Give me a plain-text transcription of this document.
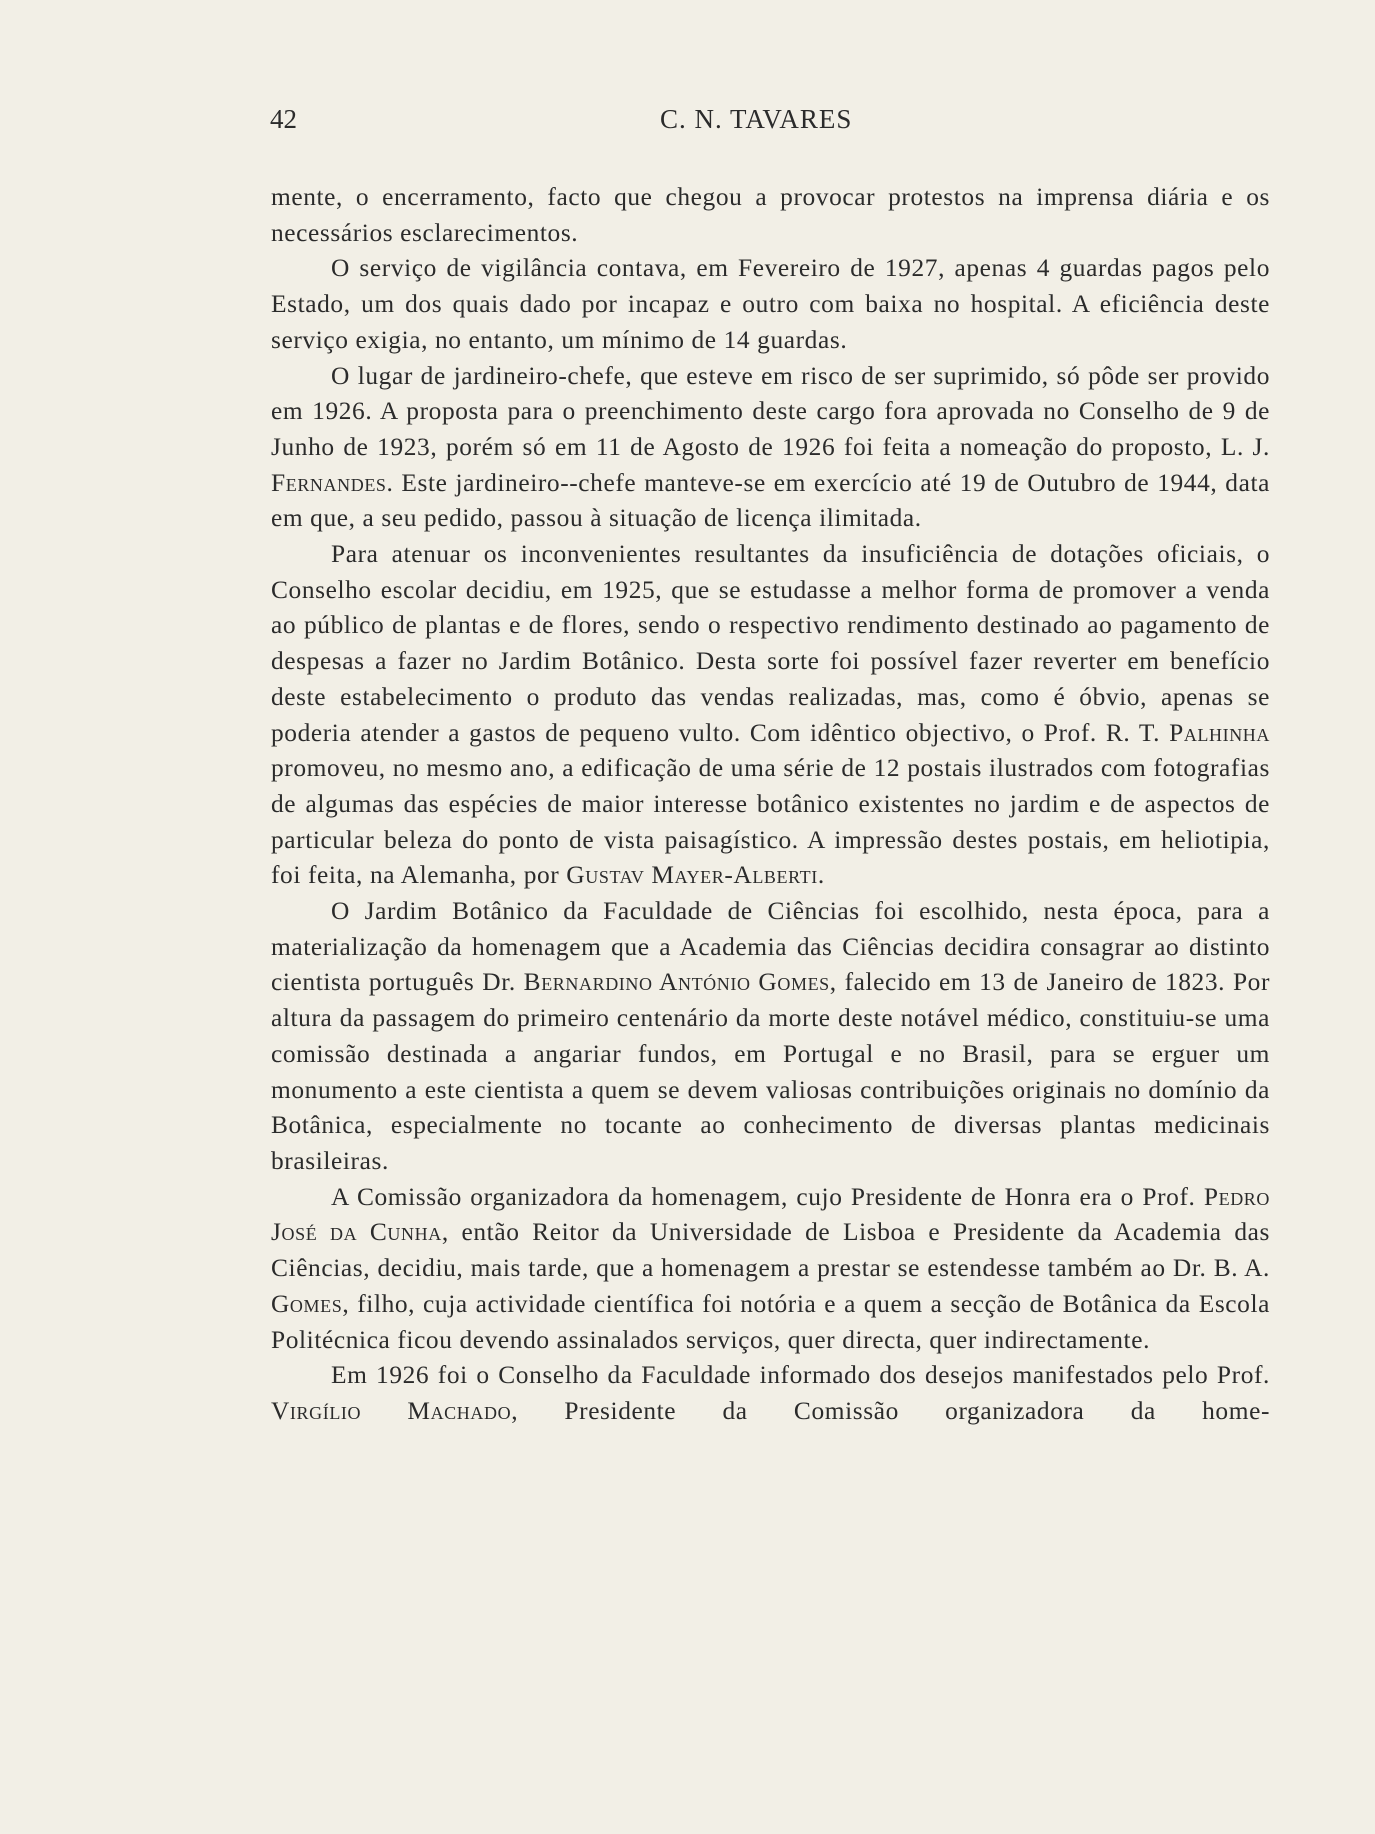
42	C. N. TAVARES

mente, o encerramento, facto que chegou a provocar protestos na imprensa diária e os necessários esclarecimentos.

O serviço de vigilância contava, em Fevereiro de 1927, apenas 4 guardas pagos pelo Estado, um dos quais dado por incapaz e outro com baixa no hospital. A eficiência deste serviço exigia, no entanto, um mínimo de 14 guardas.

O lugar de jardineiro-chefe, que esteve em risco de ser suprimido, só pôde ser provido em 1926. A proposta para o preenchimento deste cargo fora aprovada no Conselho de 9 de Junho de 1923, porém só em 11 de Agosto de 1926 foi feita a nomeação do proposto, L. J. Fernandes. Este jardineiro--chefe manteve-se em exercício até 19 de Outubro de 1944, data em que, a seu pedido, passou à situação de licença ilimitada.

Para atenuar os inconvenientes resultantes da insuficiência de dotações oficiais, o Conselho escolar decidiu, em 1925, que se estudasse a melhor forma de promover a venda ao público de plantas e de flores, sendo o respectivo rendimento destinado ao pagamento de despesas a fazer no Jardim Botânico. Desta sorte foi possível fazer reverter em benefício deste estabelecimento o produto das vendas realizadas, mas, como é óbvio, apenas se poderia atender a gastos de pequeno vulto. Com idêntico objectivo, o Prof. R. T. Palhinha promoveu, no mesmo ano, a edificação de uma série de 12 postais ilustrados com fotografias de algumas das espécies de maior interesse botânico existentes no jardim e de aspectos de particular beleza do ponto de vista paisagístico. A impressão destes postais, em heliotipia, foi feita, na Alemanha, por Gustav Mayer-Alberti.

O Jardim Botânico da Faculdade de Ciências foi escolhido, nesta época, para a materialização da homenagem que a Academia das Ciências decidira consagrar ao distinto cientista português Dr. Bernardino António Gomes, falecido em 13 de Janeiro de 1823. Por altura da passagem do primeiro centenário da morte deste notável médico, constituiu-se uma comissão destinada a angariar fundos, em Portugal e no Brasil, para se erguer um monumento a este cientista a quem se devem valiosas contribuições originais no domínio da Botânica, especialmente no tocante ao conhecimento de diversas plantas medicinais brasileiras.

A Comissão organizadora da homenagem, cujo Presidente de Honra era o Prof. Pedro José da Cunha, então Reitor da Universidade de Lisboa e Presidente da Academia das Ciências, decidiu, mais tarde, que a homenagem a prestar se estendesse também ao Dr. B. A. Gomes, filho, cuja actividade científica foi notória e a quem a secção de Botânica da Escola Politécnica ficou devendo assinalados serviços, quer directa, quer indirectamente.

Em 1926 foi o Conselho da Faculdade informado dos desejos manifestados pelo Prof. Virgílio Machado, Presidente da Comissão organizadora da home-
